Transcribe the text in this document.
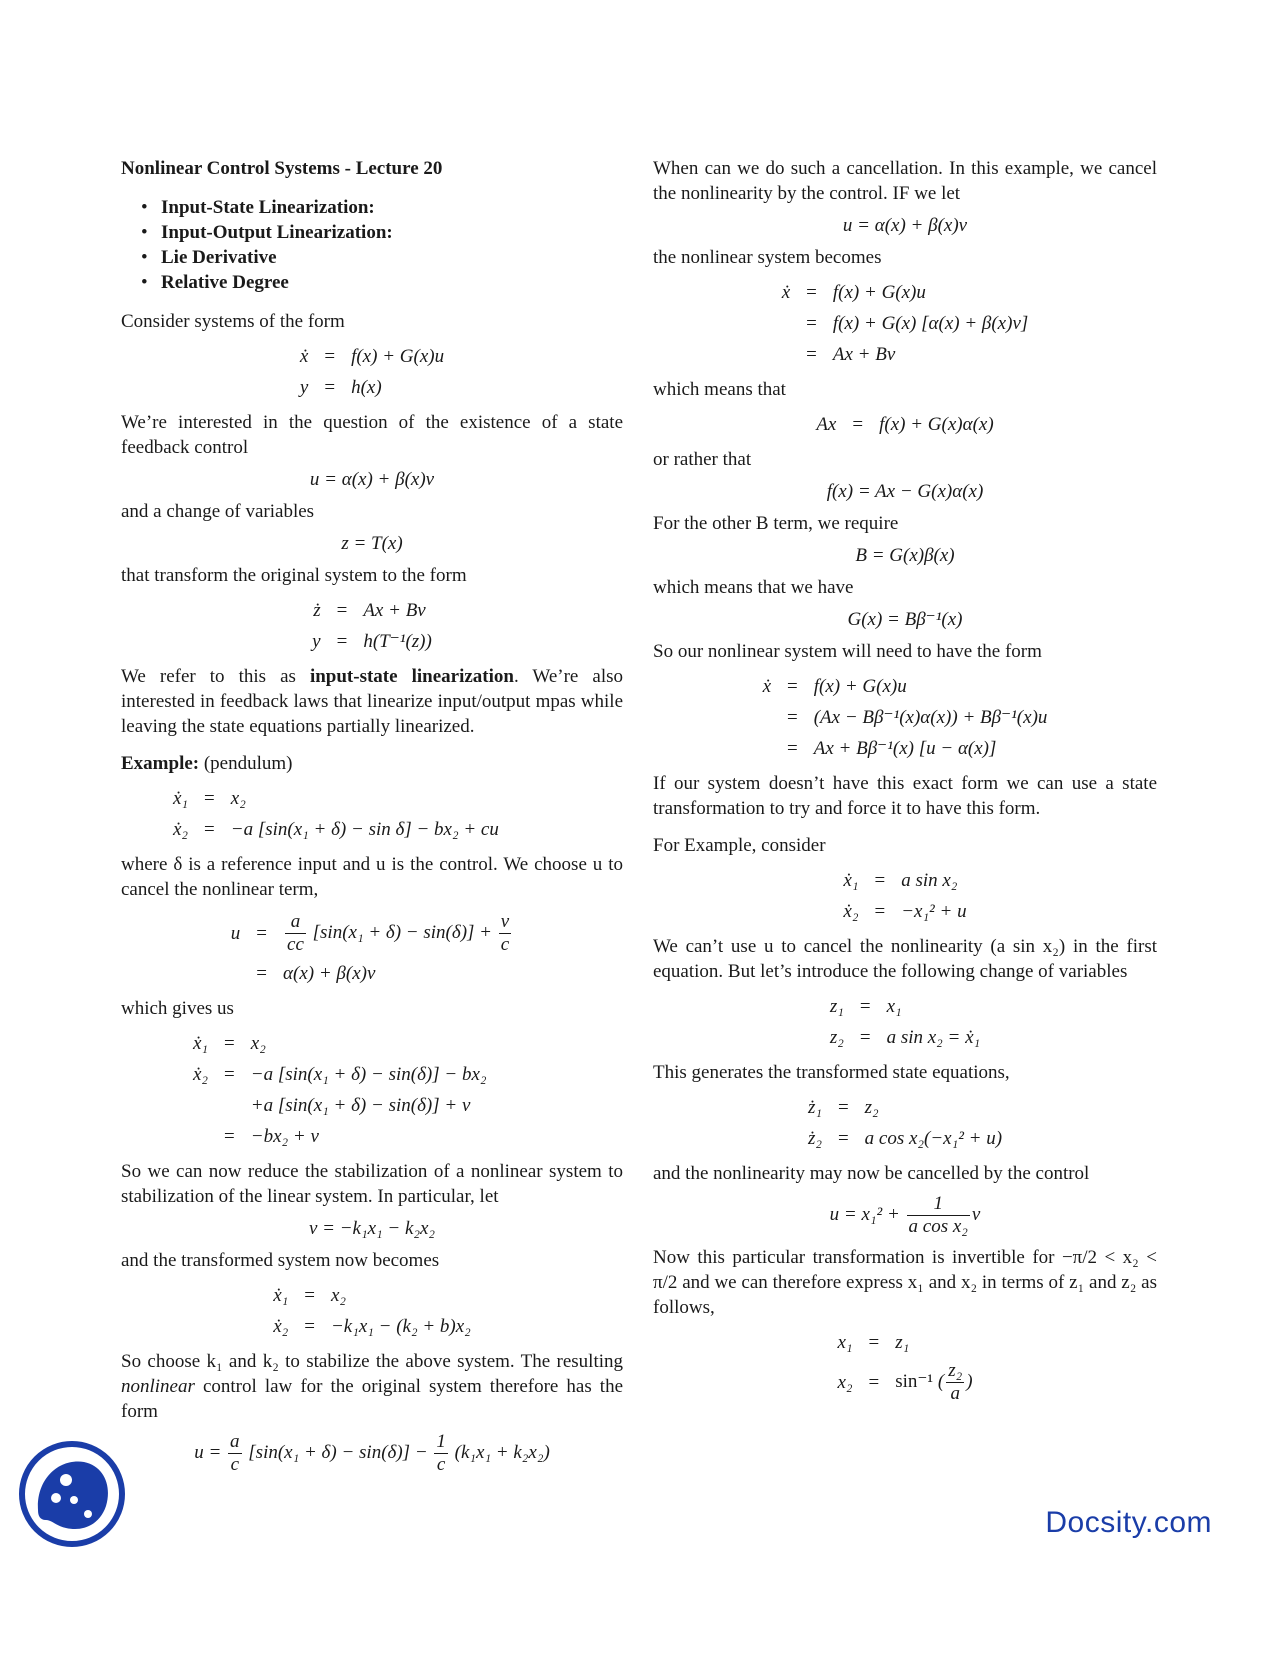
Nonlinear Control Systems - Lecture 20

• Input-State Linearization:
• Input-Output Linearization:
• Lie Derivative
• Relative Degree

Consider systems of the form

ẋ	=	f(x) + G(x)u
y	=	h(x)

We’re interested in the question of the existence of a state feedback control

u = α(x) + β(x)v

and a change of variables

z = T(x)

that transform the original system to the form

ż	=	Ax + Bv
y	=	h(T⁻¹(z))

We refer to this as input-state linearization. We’re also interested in feedback laws that linearize input/output mpas while leaving the state equations partially linearized.

Example: (pendulum)

ẋ₁	=	x₂
ẋ₂	=	−a [sin(x₁ + δ) − sin δ] − bx₂ + cu

where δ is a reference input and u is the control. We choose u to cancel the nonlinear term,

u	=	$\frac{a}{cc} [\sin(x_1 + \delta) - \sin(\delta)] + \frac{v}{c}$

	=	α(x) + β(x)v

which gives us

ẋ₁	=	x₂
ẋ₂	=	−a [sin(x₁ + δ) − sin(δ)] − bx₂
		+a [sin(x₁ + δ) − sin(δ)] + v
	=	−bx₂ + v

So we can now reduce the stabilization of a nonlinear system to stabilization of the linear system. In particular, let

v = −k₁x₁ − k₂x₂

and the transformed system now becomes

ẋ₁	=	x₂
ẋ₂	=	−k₁x₁ − (k₂ + b)x₂

So choose k₁ and k₂ to stabilize the above system. The resulting nonlinear control law for the original system therefore has the form

$u = \frac{a}{c} [\sin(x_1 + \delta) - \sin(\delta)] - \frac{1}{c} (k_1x_1 + k_2x_2)$

When can we do such a cancellation. In this example, we cancel the nonlinearity by the control. IF we let

u = α(x) + β(x)v

the nonlinear system becomes

ẋ	=	f(x) + G(x)u
	=	f(x) + G(x) [α(x) + β(x)v]
	=	Ax + Bv

which means that

Ax	=	f(x) + G(x)α(x)

or rather that

f(x) = Ax − G(x)α(x)

For the other B term, we require

B = G(x)β(x)

which means that we have

G(x) = Bβ⁻¹(x)

So our nonlinear system will need to have the form

ẋ	=	f(x) + G(x)u
	=	(Ax − Bβ⁻¹(x)α(x)) + Bβ⁻¹(x)u
	=	Ax + Bβ⁻¹(x) [u − α(x)]

If our system doesn’t have this exact form we can use a state transformation to try and force it to have this form.

For Example, consider

ẋ₁	=	a sin x₂
ẋ₂	=	−x₁² + u

We can’t use u to cancel the nonlinearity (a sin x₂) in the first equation. But let’s introduce the following change of variables

z₁	=	x₁
z₂	=	a sin x₂ = ẋ₁

This generates the transformed state equations,

ż₁	=	z₂
ż₂	=	a cos x₂(−x₁² + u)

and the nonlinearity may now be cancelled by the control

$u = x_1^2 + \frac{1}{\text{a cos x₂}}$ v

Now this particular transformation is invertible for −π/2 < x₂ < π/2 and we can therefore express x₁ and x₂ in terms of z₁ and z₂ as follows,

x₁	=	z₁
x₂	=	sin⁻¹ ( $\frac{\text{z₂}}{a}$ )
Docsity.com
